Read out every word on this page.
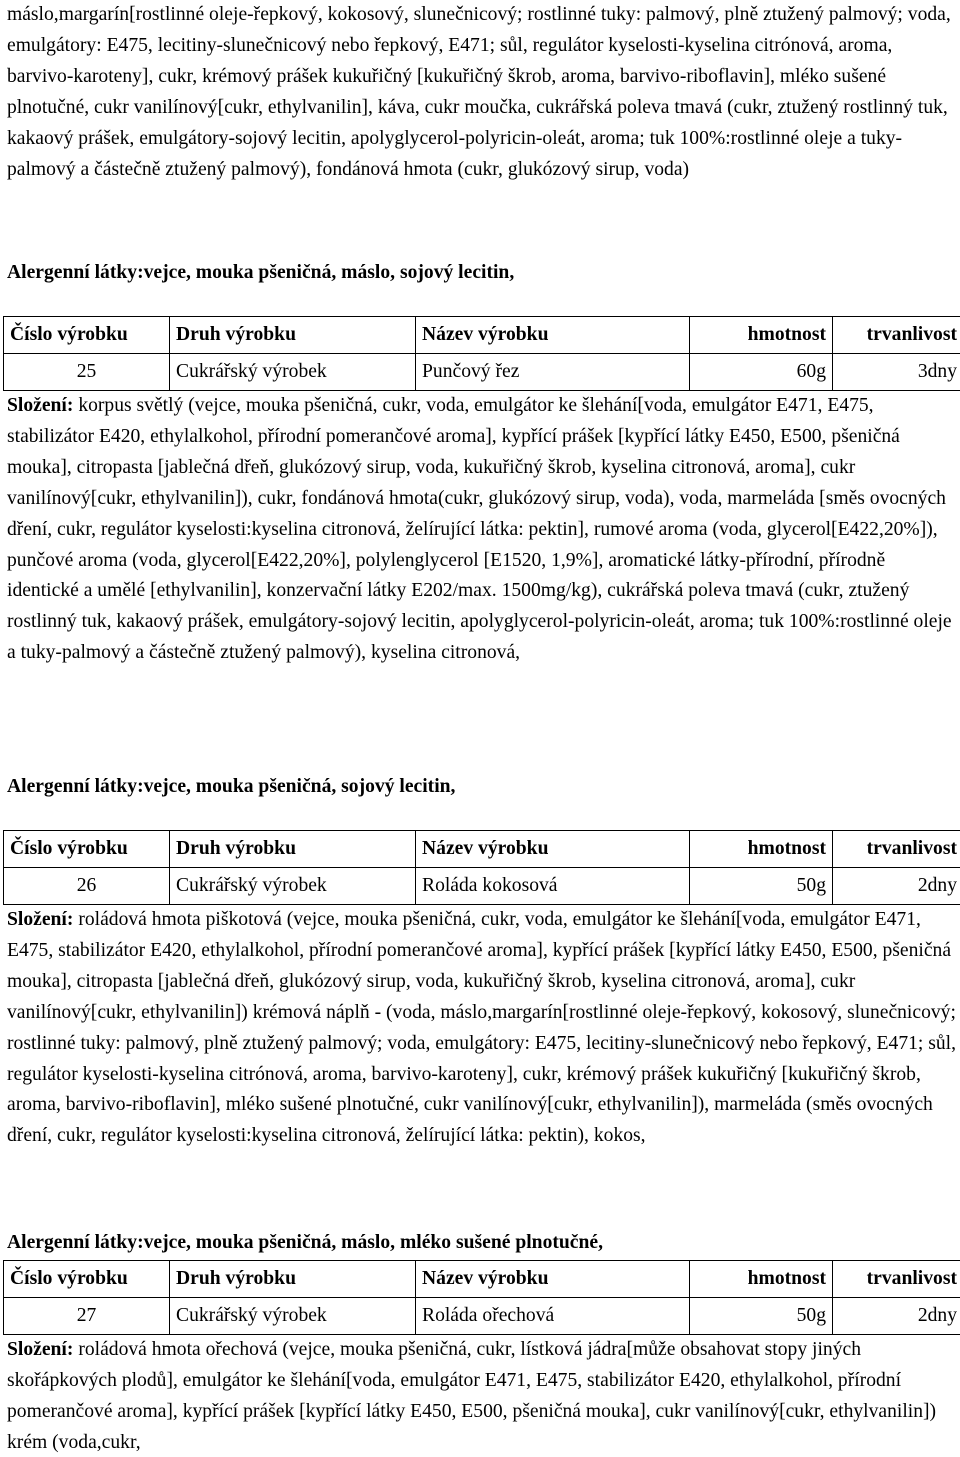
máslo,margarín[rostlinné oleje-řepkový, kokosový, slunečnicový; rostlinné tuky: palmový, plně ztužený palmový; voda, emulgátory: E475, lecitiny-slunečnicový nebo řepkový, E471; sůl, regulátor kyselosti-kyselina citrónová, aroma, barvivo-karoteny], cukr, krémový prášek kukuřičný [kukuřičný škrob, aroma, barvivo-riboflavin], mléko sušené plnotučné, cukr vanilínový[cukr, ethylvanilin], káva, cukr moučka, cukrářská poleva tmavá (cukr, ztužený rostlinný tuk, kakaový prášek, emulgátory-sojový lecitin, apolyglycerol-polyricin-oleát, aroma; tuk 100%:rostlinné oleje a tuky-palmový a částečně ztužený palmový), fondánová hmota (cukr, glukózový sirup, voda)

Alergenní látky:vejce, mouka pšeničná, máslo, sojový lecitin,

Číslo výrobku	Druh výrobku	Název výrobku	hmotnost	trvanlivost
25	Cukrářský výrobek	Punčový řez	60g	3dny

Složení: korpus světlý (vejce, mouka pšeničná, cukr, voda, emulgátor ke šlehání[voda, emulgátor E471, E475, stabilizátor E420, ethylalkohol, přírodní pomerančové aroma], kypřící prášek [kypřící látky E450, E500, pšeničná mouka], citropasta [jablečná dřeň, glukózový sirup, voda, kukuřičný škrob, kyselina citronová, aroma], cukr vanilínový[cukr, ethylvanilin]), cukr, fondánová hmota(cukr, glukózový sirup, voda), voda, marmeláda [směs ovocných dření, cukr, regulátor kyselosti:kyselina citronová, želírující látka: pektin], rumové aroma (voda, glycerol[E422,20%]), punčové aroma (voda, glycerol[E422,20%], polylenglycerol [E1520, 1,9%], aromatické látky-přírodní, přírodně identické a umělé [ethylvanilin], konzervační látky E202/max. 1500mg/kg), cukrářská poleva tmavá (cukr, ztužený rostlinný tuk, kakaový prášek, emulgátory-sojový lecitin, apolyglycerol-polyricin-oleát, aroma; tuk 100%:rostlinné oleje a tuky-palmový a částečně ztužený palmový), kyselina citronová,

Alergenní látky:vejce, mouka pšeničná, sojový lecitin,

Číslo výrobku	Druh výrobku	Název výrobku	hmotnost	trvanlivost
26	Cukrářský výrobek	Roláda kokosová	50g	2dny

Složení: roládová hmota piškotová (vejce, mouka pšeničná, cukr, voda, emulgátor ke šlehání[voda, emulgátor E471, E475, stabilizátor E420, ethylalkohol, přírodní pomerančové aroma], kypřící prášek [kypřící látky E450, E500, pšeničná mouka], citropasta [jablečná dřeň, glukózový sirup, voda, kukuřičný škrob, kyselina citronová, aroma], cukr vanilínový[cukr, ethylvanilin]) krémová náplň - (voda, máslo,margarín[rostlinné oleje-řepkový, kokosový, slunečnicový; rostlinné tuky: palmový, plně ztužený palmový; voda, emulgátory: E475, lecitiny-slunečnicový nebo řepkový, E471; sůl, regulátor kyselosti-kyselina citrónová, aroma, barvivo-karoteny], cukr, krémový prášek kukuřičný [kukuřičný škrob, aroma, barvivo-riboflavin], mléko sušené plnotučné, cukr vanilínový[cukr, ethylvanilin]), marmeláda (směs ovocných dření, cukr, regulátor kyselosti:kyselina citronová, želírující látka: pektin), kokos,

Alergenní látky:vejce, mouka pšeničná, máslo, mléko sušené plnotučné,

Číslo výrobku	Druh výrobku	Název výrobku	hmotnost	trvanlivost
27	Cukrářský výrobek	Roláda ořechová	50g	2dny

Složení: roládová hmota ořechová (vejce, mouka pšeničná, cukr, lístková jádra[může obsahovat stopy jiných skořápkových plodů], emulgátor ke šlehání[voda, emulgátor E471, E475, stabilizátor E420, ethylalkohol, přírodní pomerančové aroma], kypřící prášek [kypřící látky E450, E500, pšeničná mouka], cukr vanilínový[cukr, ethylvanilin]) krém (voda,cukr,
